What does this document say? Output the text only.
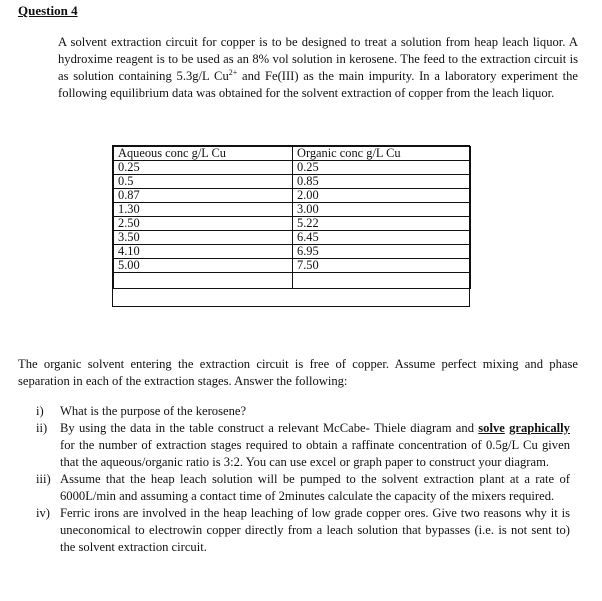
Question 4

A solvent extraction circuit for copper is to be designed to treat a solution from heap leach liquor. A hydroxime reagent is to be used as an 8% vol solution in kerosene. The feed to the extraction circuit is as solution containing 5.3g/L $Cu^{2+}$ and Fe(III) as the main impurity. In a laboratory experiment the following equilibrium data was obtained for the solvent extraction of copper from the leach liquor.

Aqueous conc g/L Cu	Organic conc g/L Cu
0.25	0.25
0.5	0.85
0.87	2.00
1.30	3.00
2.50	5.22
3.50	6.45
4.10	6.95
5.00	7.50

The organic solvent entering the extraction circuit is free of copper. Assume perfect mixing and phase separation in each of the extraction stages. Answer the following:

i) What is the purpose of the kerosene?
ii) By using the data in the table construct a relevant McCabe- Thiele diagram and solve graphically for the number of extraction stages required to obtain a raffinate concentration of 0.5g/L Cu given that the aqueous/organic ratio is 3:2. You can use excel or graph paper to construct your diagram.
iii) Assume that the heap leach solution will be pumped to the solvent extraction plant at a rate of 6000L/min and assuming a contact time of 2minutes calculate the capacity of the mixers required.
iv) Ferric irons are involved in the heap leaching of low grade copper ores. Give two reasons why it is uneconomical to electrowin copper directly from a leach solution that bypasses (i.e. is not sent to) the solvent extraction circuit.
